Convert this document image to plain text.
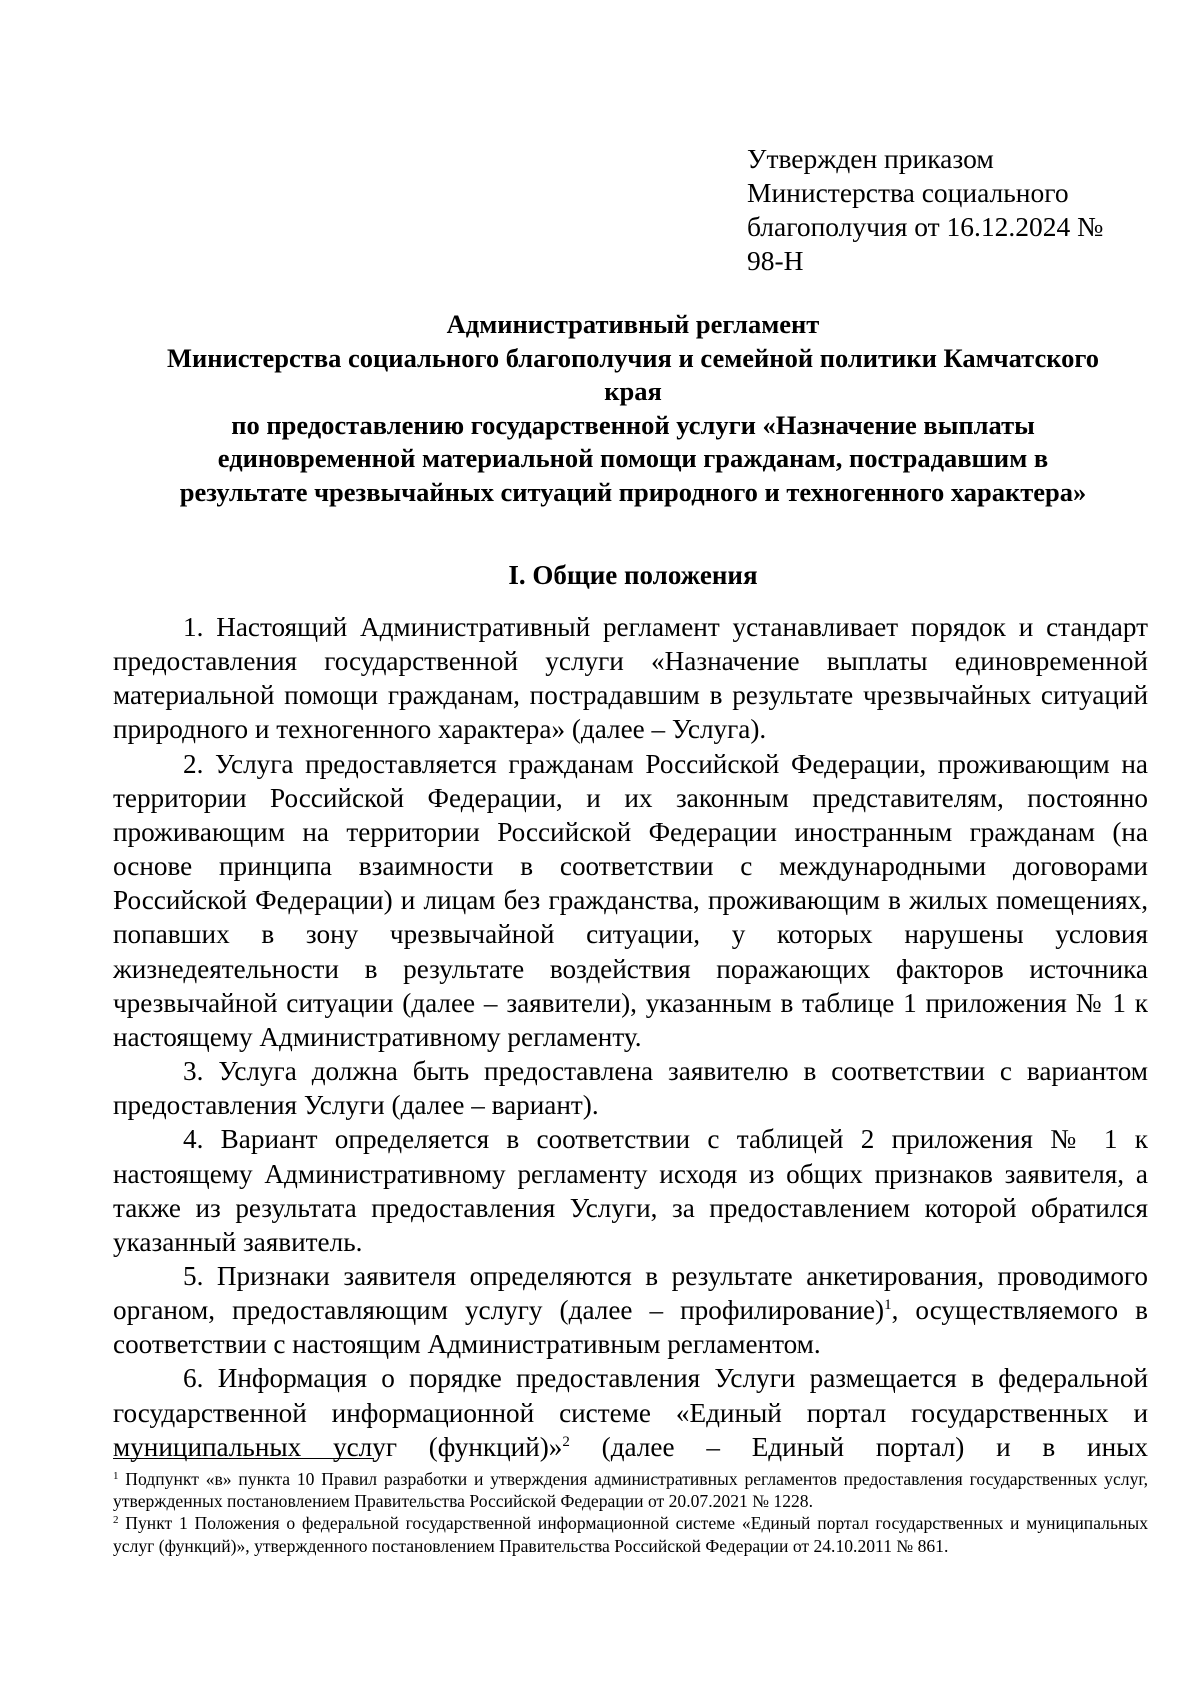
Утвержден приказом
Министерства социального
благополучия от 16.12.2024 №
98-Н
Административный регламент
Министерства социального благополучия и семейной политики Камчатского
края
по предоставлению государственной услуги «Назначение выплаты
единовременной материальной помощи гражданам, пострадавшим в
результате чрезвычайных ситуаций природного и техногенного характера»
I. Общие положения

1. Настоящий Административный регламент устанавливает порядок и стандарт предоставления государственной услуги «Назначение выплаты единовременной материальной помощи гражданам, пострадавшим в результате чрезвычайных ситуаций природного и техногенного характера» (далее – Услуга).

2. Услуга предоставляется гражданам Российской Федерации, проживающим на территории Российской Федерации, и их законным представителям, постоянно проживающим на территории Российской Федерации иностранным гражданам (на основе принципа взаимности в соответствии с международными договорами Российской Федерации) и лицам без гражданства, проживающим в жилых помещениях, попавших в зону чрезвычайной ситуации, у которых нарушены условия жизнедеятельности в результате воздействия поражающих факторов источника чрезвычайной ситуации (далее – заявители), указанным в таблице 1 приложения № 1 к настоящему Административному регламенту.

3. Услуга должна быть предоставлена заявителю в соответствии с вариантом предоставления Услуги (далее – вариант).

4. Вариант определяется в соответствии с таблицей 2 приложения № 1 к настоящему Административному регламенту исходя из общих признаков заявителя, а также из результата предоставления Услуги, за предоставлением которой обратился указанный заявитель.

5. Признаки заявителя определяются в результате анкетирования, проводимого органом, предоставляющим услугу (далее – профилирование)$^1$, осуществляемого в соответствии с настоящим Административным регламентом.

6. Информация о порядке предоставления Услуги размещается в федеральной государственной информационной системе «Единый портал государственных и муниципальных услуг (функций)»$^2$ (далее – Единый портал) и в иных

$^1$ Подпункт «в» пункта 10 Правил разработки и утверждения административных регламентов предоставления государственных услуг, утвержденных постановлением Правительства Российской Федерации от 20.07.2021 № 1228.

$^2$ Пункт 1 Положения о федеральной государственной информационной системе «Единый портал государственных и муниципальных услуг (функций)», утвержденного постановлением Правительства Российской Федерации от 24.10.2011 № 861.
